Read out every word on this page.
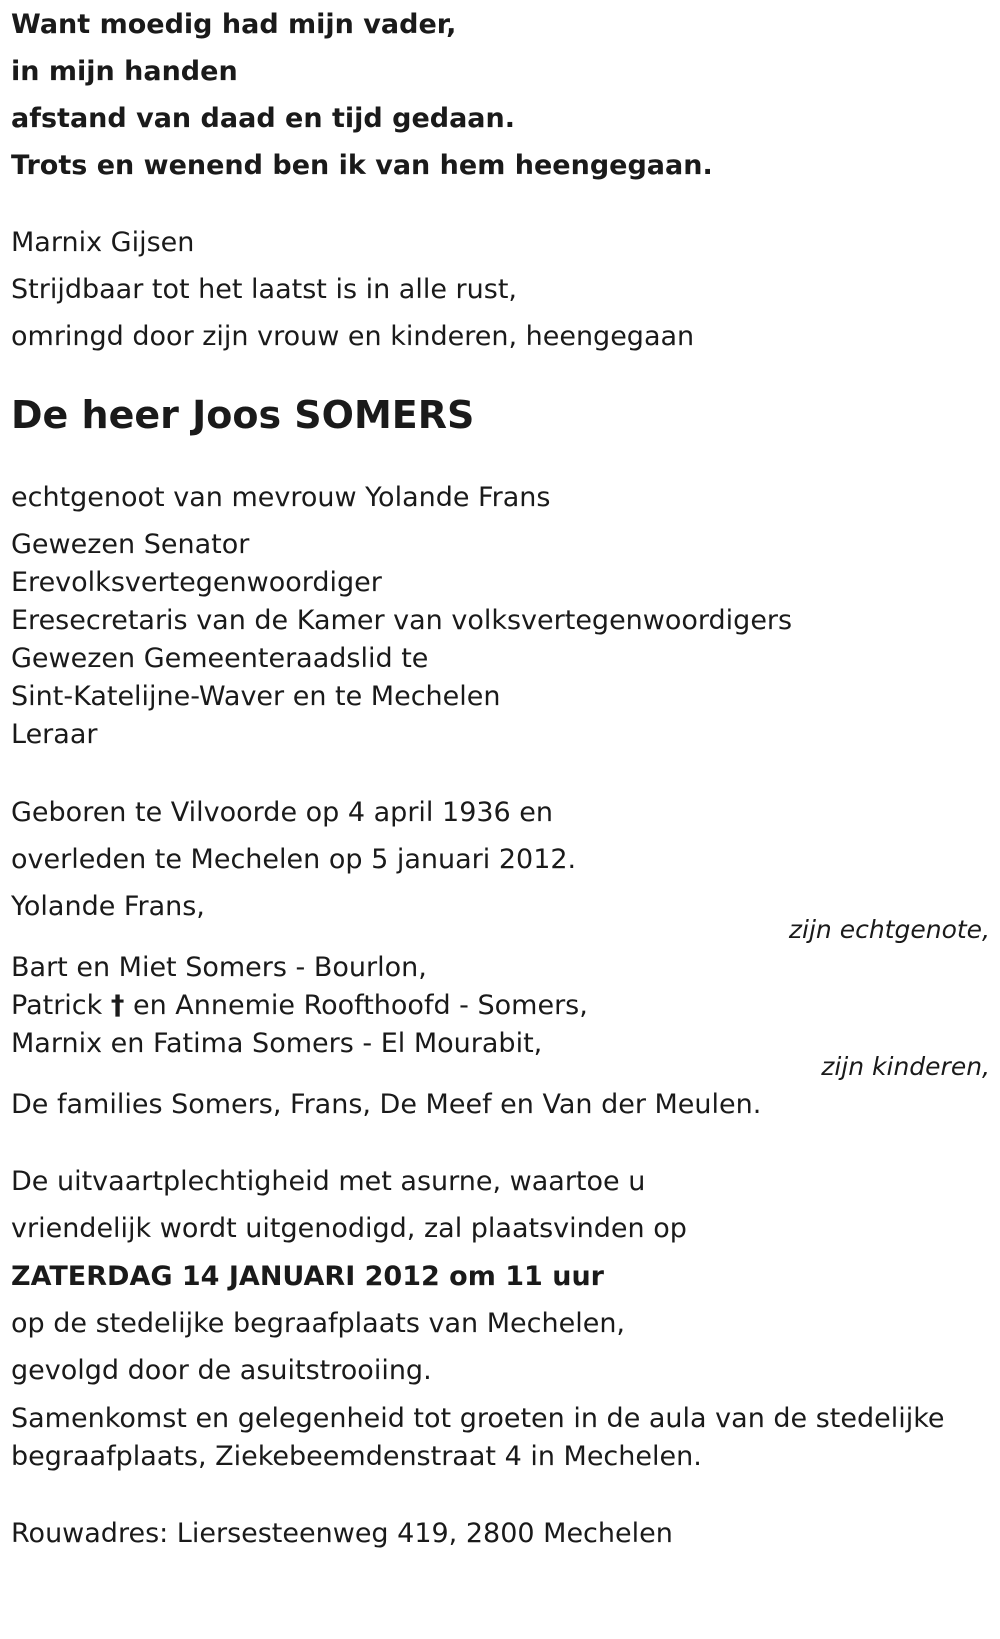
Want moedig had mijn vader,
in mijn handen
afstand van daad en tijd gedaan.
Trots en wenend ben ik van hem heengegaan.
Marnix Gijsen
Strijdbaar tot het laatst is in alle rust,
omringd door zijn vrouw en kinderen, heengegaan
De heer Joos SOMERS
echtgenoot van mevrouw Yolande Frans
Gewezen Senator
Erevolksvertegenwoordiger
Eresecretaris van de Kamer van volksvertegenwoordigers
Gewezen Gemeenteraadslid te
Sint-Katelijne-Waver en te Mechelen
Leraar
Geboren te Vilvoorde op 4 april 1936 en
overleden te Mechelen op 5 januari 2012.
Yolande Frans,
zijn echtgenote,
Bart en Miet Somers - Bourlon,
Patrick † en Annemie Roofthoofd - Somers,
Marnix en Fatima Somers - El Mourabit,
zijn kinderen,
De families Somers, Frans, De Meef en Van der Meulen.
De uitvaartplechtigheid met asurne, waartoe u
vriendelijk wordt uitgenodigd, zal plaatsvinden op
ZATERDAG 14 JANUARI 2012 om 11 uur
op de stedelijke begraafplaats van Mechelen,
gevolgd door de asuitstrooiing.
Samenkomst en gelegenheid tot groeten in de aula van de stedelijke
begraafplaats, Ziekebeemdenstraat 4 in Mechelen.
Rouwadres: Liersesteenweg 419, 2800 Mechelen
